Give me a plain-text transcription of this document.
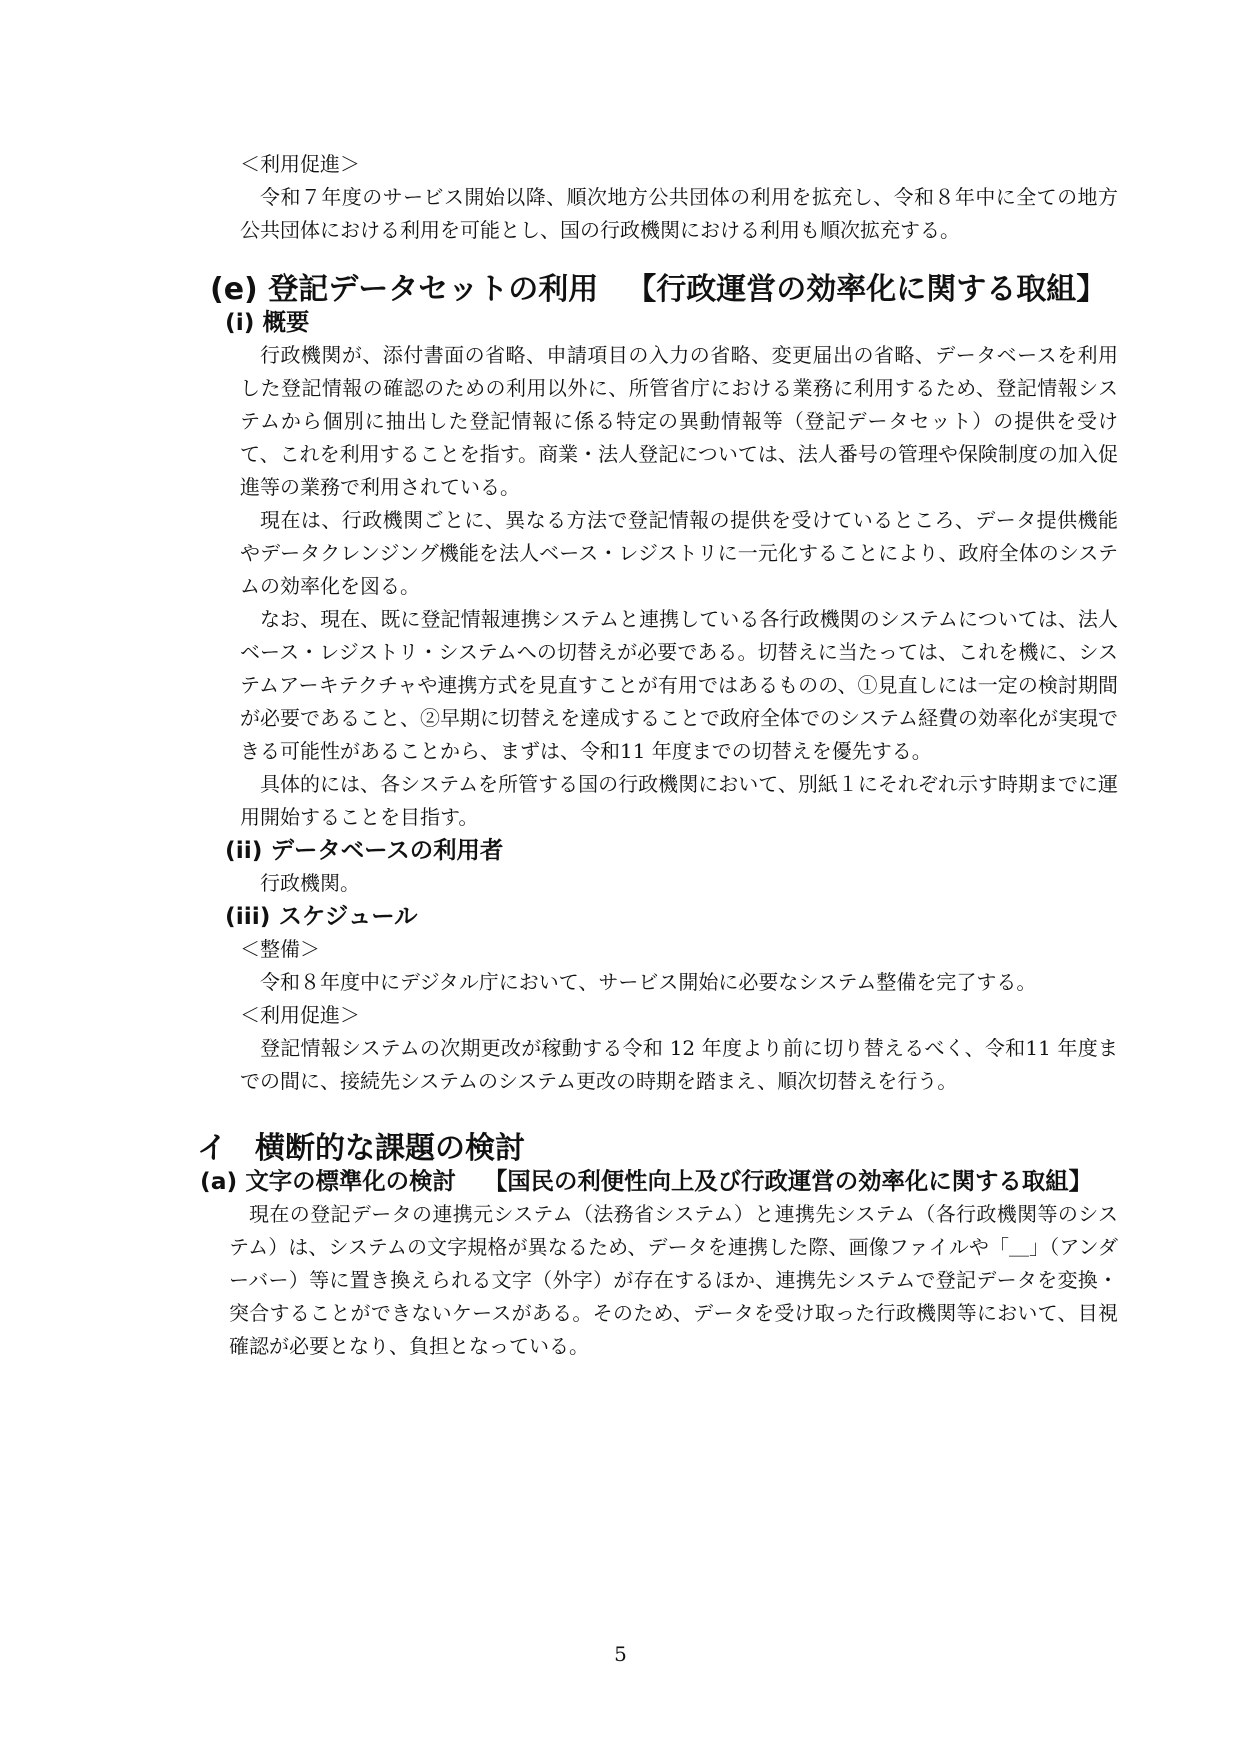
＜利用促進＞

令和７年度のサービス開始以降、順次地方公共団体の利用を拡充し、令和８年中に全ての地方公共団体における利用を可能とし、国の行政機関における利用も順次拡充する。

(e) 登記データセットの利用 【行政運営の効率化に関する取組】
(i) 概要

行政機関が、添付書面の省略、申請項目の入力の省略、変更届出の省略、データベースを利用した登記情報の確認のための利用以外に、所管省庁における業務に利用するため、登記情報システムから個別に抽出した登記情報に係る特定の異動情報等（登記データセット）の提供を受けて、これを利用することを指す。商業・法人登記については、法人番号の管理や保険制度の加入促進等の業務で利用されている。

現在は、行政機関ごとに、異なる方法で登記情報の提供を受けているところ、データ提供機能やデータクレンジング機能を法人ベース・レジストリに一元化することにより、政府全体のシステムの効率化を図る。

なお、現在、既に登記情報連携システムと連携している各行政機関のシステムについては、法人ベース・レジストリ・システムへの切替えが必要である。切替えに当たっては、これを機に、システムアーキテクチャや連携方式を見直すことが有用ではあるものの、①見直しには一定の検討期間が必要であること、②早期に切替えを達成することで政府全体でのシステム経費の効率化が実現できる可能性があることから、まずは、令和11 年度までの切替えを優先する。

具体的には、各システムを所管する国の行政機関において、別紙１にそれぞれ示す時期までに運用開始することを目指す。

(ii) データベースの利用者

行政機関。

(iii) スケジュール

＜整備＞

令和８年度中にデジタル庁において、サービス開始に必要なシステム整備を完了する。

＜利用促進＞

登記情報システムの次期更改が稼動する令和 12 年度より前に切り替えるべく、令和11 年度までの間に、接続先システムのシステム更改の時期を踏まえ、順次切替えを行う。

イ 横断的な課題の検討
(a) 文字の標準化の検討 【国民の利便性向上及び行政運営の効率化に関する取組】

現在の登記データの連携元システム（法務省システム）と連携先システム（各行政機関等のシステム）は、システムの文字規格が異なるため、データを連携した際、画像ファイルや「＿」（アンダーバー）等に置き換えられる文字（外字）が存在するほか、連携先システムで登記データを変換・突合することができないケースがある。そのため、データを受け取った行政機関等において、目視確認が必要となり、負担となっている。

5
